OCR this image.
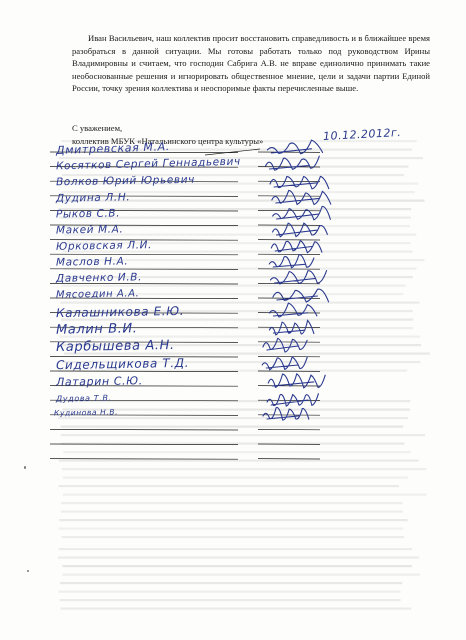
Иван Васильевич, наш коллектив просит восстановить справедливость и в ближайшее время разобраться в данной ситуации. Мы готовы работать только под руководством Ирины Владимировны и считаем, что господин Сабрига А.В. не вправе единолично принимать такие необоснованные решения и игнорировать общественное мнение, цели и задачи партии Единой России, точку зрения коллектива и неоспоримые факты перечисленные выше.
С уважением,
коллектив МБУК «Натальинского центра культуры»	10.12.2012г.
Дмитревская М.А.
Косятков Сергей Геннадьевич
Волков Юрий Юрьевич
Дудина Л.Н.
Рыков С.В.
Макей М.А.
Юрковская Л.И.
Маслов Н.А.
Давченко И.В.
Мясоедин А.А.
Калашникова Е.Ю.
Малин В.И.
Карбышева А.Н.
Сидельщикова Т.Д.
Латарин С.Ю.
Дудова Т.В.
Кудинова Н.В.
